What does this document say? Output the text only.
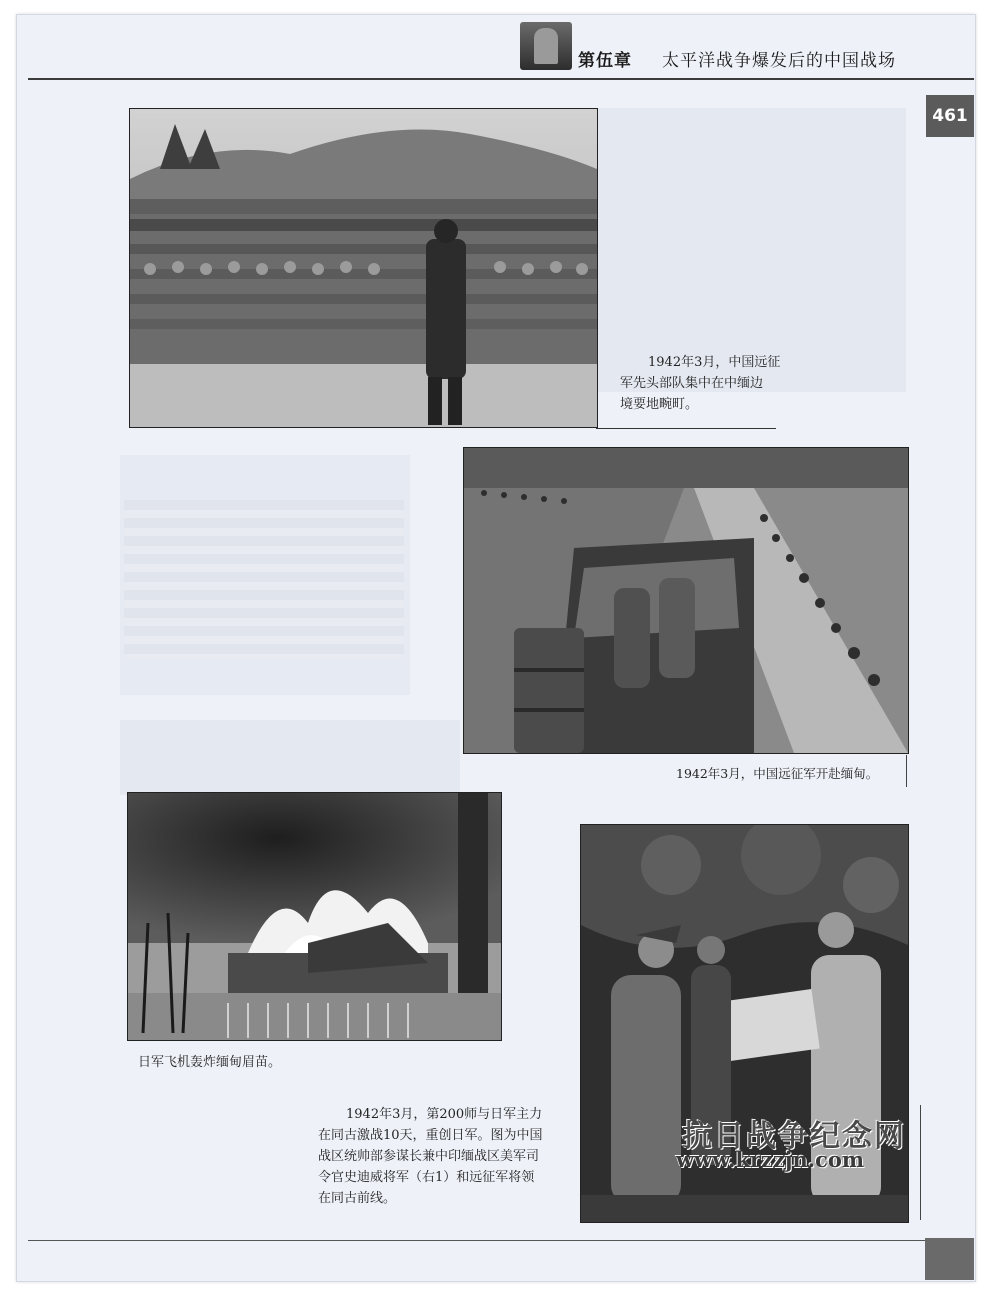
第伍章 太平洋战争爆发后的中国战场
461
1942年3月，中国远征
军先头部队集中在中缅边
境要地畹町。
1942年3月，中国远征军开赴缅甸。
日军飞机轰炸缅甸眉苗。
1942年3月，第200师与日军主力
在同古激战10天，重创日军。图为中国
战区统帅部参谋长兼中印缅战区美军司
令官史迪威将军（右1）和远征军将领
在同古前线。
抗日战争纪念网
www.krzzjn.com
